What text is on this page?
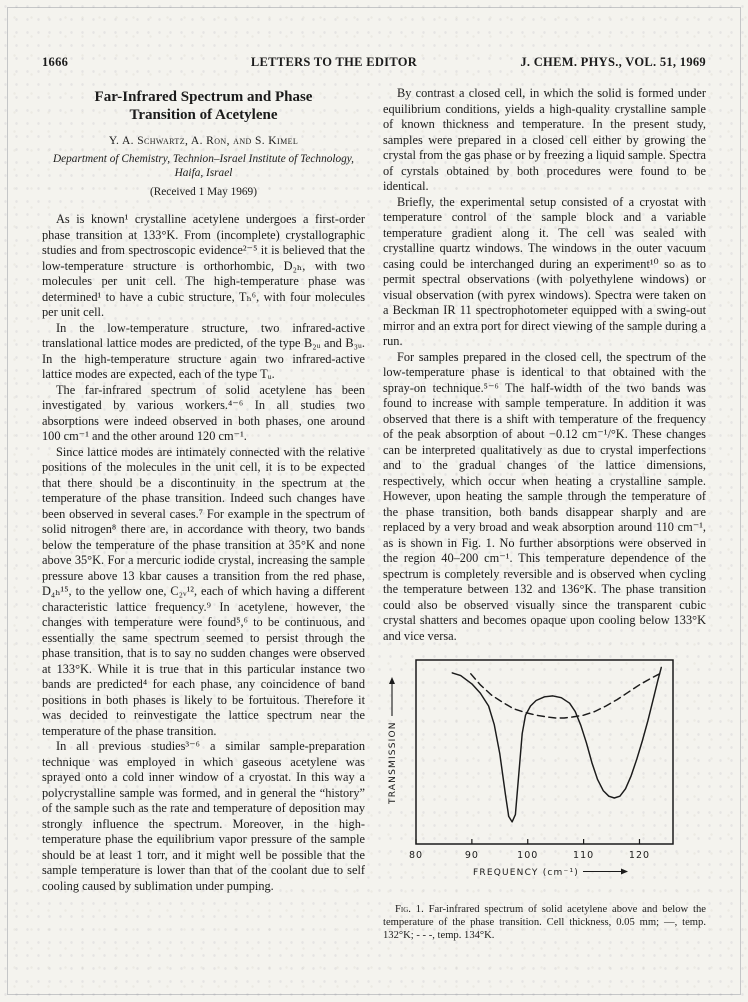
1666	LETTERS TO THE EDITOR	J. CHEM. PHYS., VOL. 51, 1969
Far-Infrared Spectrum and Phase
Transition of Acetylene
Y. A. Schwartz, A. Ron, and S. Kimel
Department of Chemistry, Technion–Israel Institute of Technology,
Haifa, Israel
(Received 1 May 1969)

As is known¹ crystalline acetylene undergoes a first-order phase transition at 133°K. From (incomplete) crystallographic studies and from spectroscopic evidence²⁻⁵ it is believed that the low-temperature structure is orthorhombic, D₂ₕ, with two molecules per unit cell. The high-temperature phase was determined¹ to have a cubic structure, Tₕ⁶, with four molecules per unit cell.

In the low-temperature structure, two infrared-active translational lattice modes are predicted, of the type B₂ᵤ and B₃ᵤ. In the high-temperature structure again two infrared-active lattice modes are expected, each of the type Tᵤ.

The far-infrared spectrum of solid acetylene has been investigated by various workers.⁴⁻⁶ In all studies two absorptions were indeed observed in both phases, one around 100 cm⁻¹ and the other around 120 cm⁻¹.

Since lattice modes are intimately connected with the relative positions of the molecules in the unit cell, it is to be expected that there should be a discontinuity in the spectrum at the temperature of the phase transition. Indeed such changes have been observed in several cases.⁷ For example in the spectrum of solid nitrogen⁸ there are, in accordance with theory, two bands below the temperature of the phase transition at 35°K and none above 35°K. For a mercuric iodide crystal, increasing the sample pressure above 13 kbar causes a transition from the red phase, D₄ₕ¹⁵, to the yellow one, C₂ᵥ¹², each of which having a different characteristic lattice frequency.⁹ In acetylene, however, the changes with temperature were found⁵,⁶ to be continuous, and essentially the same spectrum seemed to persist through the phase transition, that is to say no sudden changes were observed at 133°K. While it is true that in this particular instance two bands are predicted⁴ for each phase, any coincidence of band positions in both phases is likely to be fortuitous. Therefore it was decided to reinvestigate the lattice spectrum near the temperature of the phase transition.

In all previous studies³⁻⁶ a similar sample-preparation technique was employed in which gaseous acetylene was sprayed onto a cold inner window of a cryostat. In this way a polycrystalline sample was formed, and in general the “history” of the sample such as the rate and temperature of deposition may strongly influence the spectrum. Moreover, in the high-temperature phase the equilibrium vapor pressure of the sample should be at least 1 torr, and it might well be possible that the sample temperature is lower than that of the coolant due to self cooling caused by sublimation under pumping.

By contrast a closed cell, in which the solid is formed under equilibrium conditions, yields a high-quality crystalline sample of known thickness and temperature. In the present study, samples were prepared in a closed cell either by growing the crystal from the gas phase or by freezing a liquid sample. Spectra of cyrstals obtained by both procedures were found to be identical.

Briefly, the experimental setup consisted of a cryostat with temperature control of the sample block and a variable temperature gradient along it. The cell was sealed with crystalline quartz windows. The windows in the outer vacuum casing could be interchanged during an experiment¹⁰ so as to permit spectral observations (with polyethylene windows) or visual observation (with pyrex windows). Spectra were taken on a Beckman IR 11 spectrophotometer equipped with a swing-out mirror and an extra port for direct viewing of the sample during a run.

For samples prepared in the closed cell, the spectrum of the low-temperature phase is identical to that obtained with the spray-on technique.⁵⁻⁶ The half-width of the two bands was found to increase with sample temperature. In addition it was observed that there is a shift with temperature of the frequency of the peak absorption of about −0.12 cm⁻¹/°K. These changes can be interpreted qualitatively as due to crystal imperfections and to the gradual changes of the lattice dimensions, respectively, which occur when heating a crystalline sample. However, upon heating the sample through the temperature of the phase transition, both bands disappear sharply and are replaced by a very broad and weak absorption around 110 cm⁻¹, as is shown in Fig. 1. No further absorptions were observed in the region 40–200 cm⁻¹. This temperature dependence of the spectrum is completely reversible and is observed when cycling the temperature between 132 and 136°K. The phase transition could also be observed visually since the transparent cubic crystal shatters and becomes opaque upon cooling below 133°K and vice versa.

80	90	100	110	120
FREQUENCY (cm⁻¹)
TRANSMISSION
Fig. 1. Far-infrared spectrum of solid acetylene above and below the temperature of the phase transition. Cell thickness, 0.05 mm; —, temp. 132°K; - - -, temp. 134°K.
